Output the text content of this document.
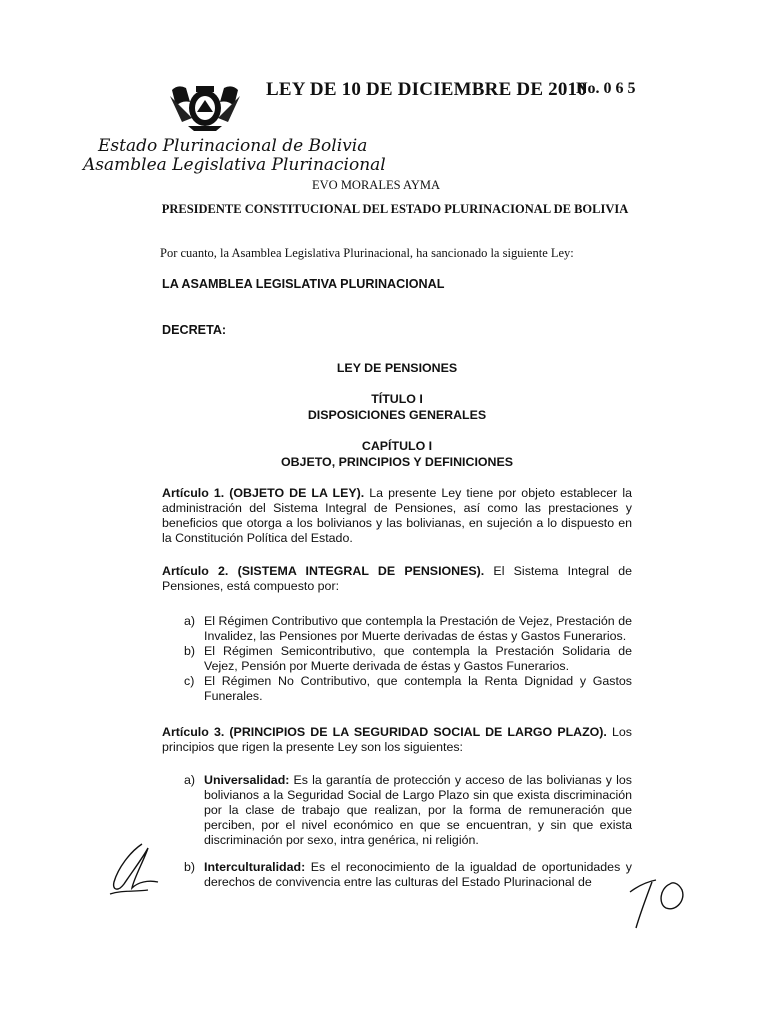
LEY DE 10 DE DICIEMBRE DE 2010
No. 0 6 5
Estado Plurinacional de Bolivia
Asamblea Legislativa Plurinacional
EVO MORALES AYMA
PRESIDENTE CONSTITUCIONAL DEL ESTADO PLURINACIONAL DE BOLIVIA
Por cuanto, la Asamblea Legislativa Plurinacional, ha sancionado la siguiente Ley:
LA ASAMBLEA LEGISLATIVA PLURINACIONAL
DECRETA:
LEY DE PENSIONES
TÍTULO I
DISPOSICIONES GENERALES
CAPÍTULO I
OBJETO, PRINCIPIOS Y DEFINICIONES
Artículo 1. (OBJETO DE LA LEY). La presente Ley tiene por objeto establecer la administración del Sistema Integral de Pensiones, así como las prestaciones y beneficios que otorga a los bolivianos y las bolivianas, en sujeción a lo dispuesto en la Constitución Política del Estado.
Artículo 2. (SISTEMA INTEGRAL DE PENSIONES). El Sistema Integral de Pensiones, está compuesto por:
a) El Régimen Contributivo que contempla la Prestación de Vejez, Prestación de Invalidez, las Pensiones por Muerte derivadas de éstas y Gastos Funerarios.
b) El Régimen Semicontributivo, que contempla la Prestación Solidaria de Vejez, Pensión por Muerte derivada de éstas y Gastos Funerarios.
c) El Régimen No Contributivo, que contempla la Renta Dignidad y Gastos Funerales.
Artículo 3. (PRINCIPIOS DE LA SEGURIDAD SOCIAL DE LARGO PLAZO). Los principios que rigen la presente Ley son los siguientes:
a) Universalidad: Es la garantía de protección y acceso de las bolivianas y los bolivianos a la Seguridad Social de Largo Plazo sin que exista discriminación por la clase de trabajo que realizan, por la forma de remuneración que perciben, por el nivel económico en que se encuentran, y sin que exista discriminación por sexo, intra genérica, ni religión.
b) Interculturalidad: Es el reconocimiento de la igualdad de oportunidades y derechos de convivencia entre las culturas del Estado Plurinacional de
